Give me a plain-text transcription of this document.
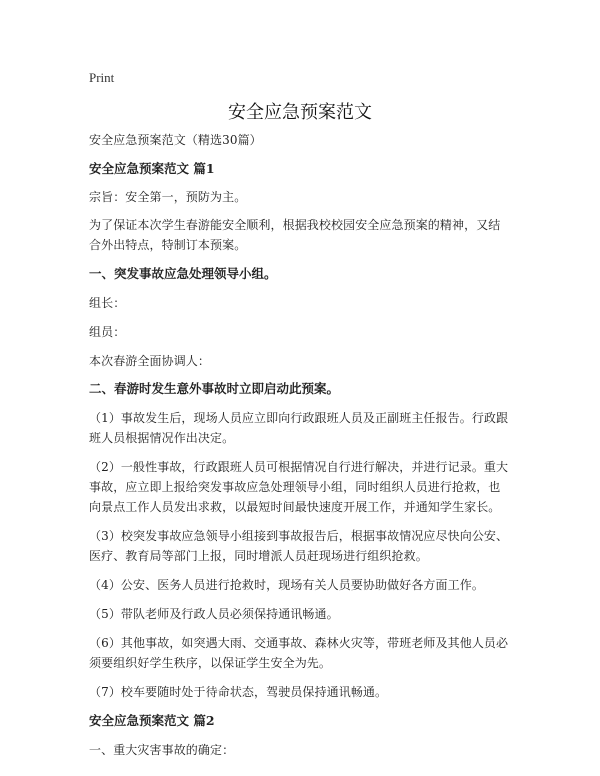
Print
安全应急预案范文

安全应急预案范文（精选30篇）

安全应急预案范文 篇1

宗旨：安全第一，预防为主。

为了保证本次学生春游能安全顺利，根据我校校园安全应急预案的精神，又结合外出特点，特制订本预案。

一、突发事故应急处理领导小组。

组长：

组员：

本次春游全面协调人：

二、春游时发生意外事故时立即启动此预案。

（1）事故发生后，现场人员应立即向行政跟班人员及正副班主任报告。行政跟班人员根据情况作出决定。

（2）一般性事故，行政跟班人员可根据情况自行进行解决，并进行记录。重大事故，应立即上报给突发事故应急处理领导小组，同时组织人员进行抢救，也向景点工作人员发出求救，以最短时间最快速度开展工作，并通知学生家长。

（3）校突发事故应急领导小组接到事故报告后，根据事故情况应尽快向公安、医疗、教育局等部门上报，同时增派人员赶现场进行组织抢救。

（4）公安、医务人员进行抢救时，现场有关人员要协助做好各方面工作。

（5）带队老师及行政人员必须保持通讯畅通。

（6）其他事故，如突遇大雨、交通事故、森林火灾等，带班老师及其他人员必须要组织好学生秩序，以保证学生安全为先。

（7）校车要随时处于待命状态，驾驶员保持通讯畅通。

安全应急预案范文 篇2

一、重大灾害事故的确定：
